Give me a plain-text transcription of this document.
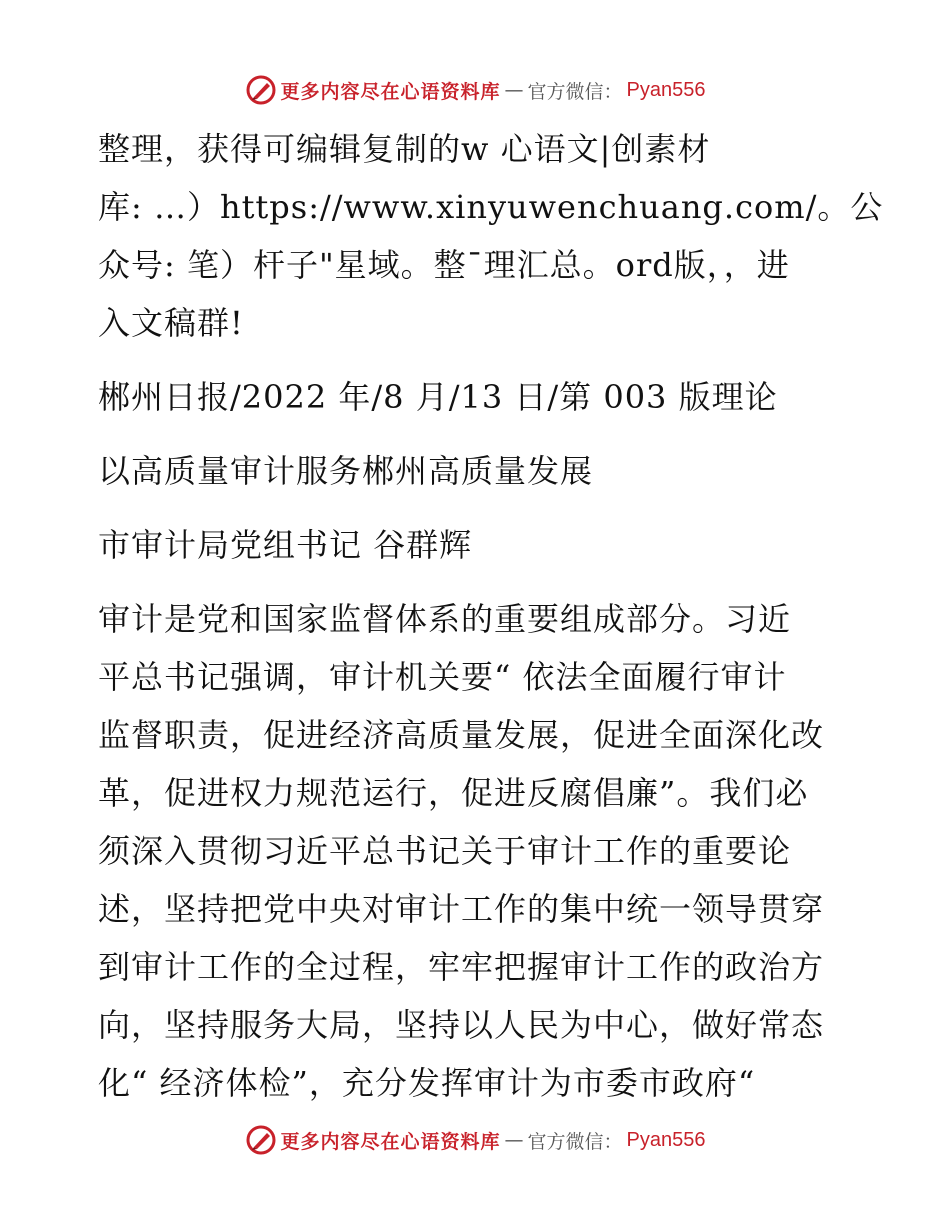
更多内容尽在心语资料库 — 官方微信： Pyan556

整理，获得可编辑复制的w 心语文|创素材

库: …）https://www.xinyuwenchuang.com/。公

众号: 笔）杆子"星域。整¯理汇总。ord版，，进

入文稿群!

郴州日报/2022 年/8 月/13 日/第 003 版理论

以高质量审计服务郴州高质量发展

市审计局党组书记 谷群辉

审计是党和国家监督体系的重要组成部分。习近

平总书记强调，审计机关要“ 依法全面履行审计

监督职责，促进经济高质量发展，促进全面深化改

革，促进权力规范运行，促进反腐倡廉”。我们必

须深入贯彻习近平总书记关于审计工作的重要论

述，坚持把党中央对审计工作的集中统一领导贯穿

到审计工作的全过程，牢牢把握审计工作的政治方

向，坚持服务大局，坚持以人民为中心，做好常态

化“ 经济体检”，充分发挥审计为市委市政府“

更多内容尽在心语资料库 — 官方微信： Pyan556
